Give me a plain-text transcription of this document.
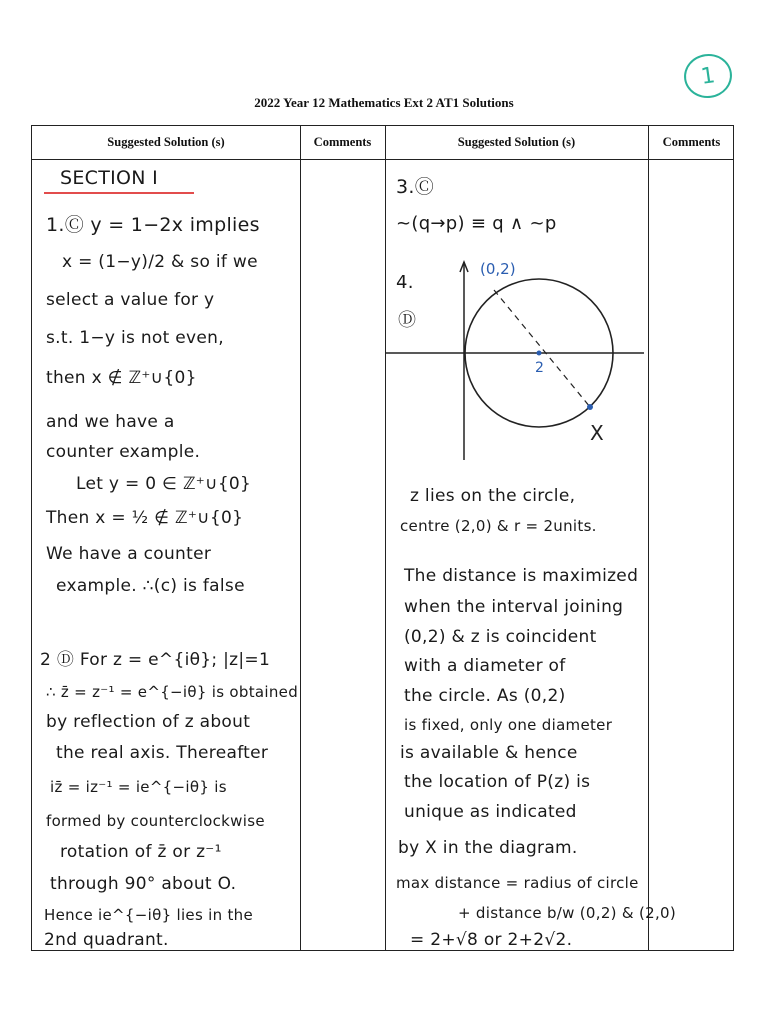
1
2022 Year 12 Mathematics Ext 2 AT1 Solutions
Suggested Solution (s)	Comments	Suggested Solution (s)	Comments
SECTION I
1.Ⓒ y = 1−2x implies
x = (1−y)/2 & so if we
select a value for y
s.t. 1−y is not even,
then x ∉ ℤ⁺∪{0}
and we have a
counter example.
Let y = 0 ∈ ℤ⁺∪{0}
Then x = ½ ∉ ℤ⁺∪{0}
We have a counter
example. ∴(c) is false
2 Ⓓ For z = e^{iθ}; |z|=1
∴ z̄ = z⁻¹ = e^{−iθ} is obtained
by reflection of z about
the real axis. Thereafter
iz̄ = iz⁻¹ = ie^{−iθ} is
formed by counterclockwise
rotation of z̄ or z⁻¹
through 90° about O.
Hence ie^{−iθ} lies in the
2nd quadrant.
3.Ⓒ
~(q→p) ≡ q ∧ ~p
4.
Ⓓ
(0,2)
2
X
z lies on the circle,
centre (2,0) & r = 2units.
The distance is maximized
when the interval joining
(0,2) & z is coincident
with a diameter of
the circle. As (0,2)
is fixed, only one diameter
is available & hence
the location of P(z) is
unique as indicated
by X in the diagram.
max distance = radius of circle
+ distance b/w (0,2) & (2,0)
= 2+√8 or 2+2√2.
